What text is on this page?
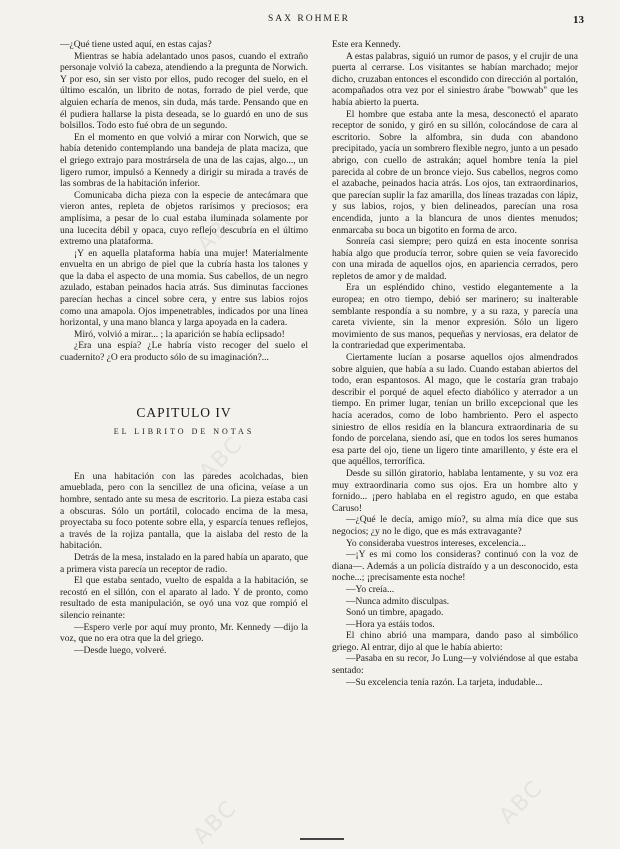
SAX ROHMER	13

—¿Qué tiene usted aquí, en estas cajas?

Mientras se había adelantado unos pasos, cuando el extraño personaje volvió la cabeza, atendiendo a la pregunta de Norwich. Y por eso, sin ser visto por ellos, pudo recoger del suelo, en el último escalón, un librito de notas, forrado de piel verde, que alguien echaría de menos, sin duda, más tarde. Pensando que en él pudiera hallarse la pista deseada, se lo guardó en uno de sus bolsillos. Todo esto fué obra de un segundo.

En el momento en que volvió a mirar con Norwich, que se había detenido contemplando una bandeja de plata maciza, que el griego extrajo para mostrársela de una de las cajas, algo..., un ligero rumor, impulsó a Kennedy a dirigir su mirada a través de las sombras de la habitación inferior.

Comunicaba dicha pieza con la especie de antecámara que vieron antes, repleta de objetos rarísimos y preciosos; era amplísima, a pesar de lo cual estaba iluminada solamente por una lucecita débil y opaca, cuyo reflejo descubría en el último extremo una plataforma.

¡Y en aquella plataforma había una mujer! Materialmente envuelta en un abrigo de piel que la cubría hasta los talones y que la daba el aspecto de una momia. Sus cabellos, de un negro azulado, estaban peinados hacia atrás. Sus diminutas facciones parecían hechas a cincel sobre cera, y entre sus labios rojos como una amapola. Ojos impenetrables, indicados por una línea horizontal, y una mano blanca y larga apoyada en la cadera.

Miró, volvió a mirar... ; la aparición se había eclipsado!

¿Era una espía? ¿Le habría visto recoger del suelo el cuadernito? ¿O era producto sólo de su imaginación?...

CAPITULO IV
EL LIBRITO DE NOTAS

En una habitación con las paredes acolchadas, bien amueblada, pero con la sencillez de una oficina, veíase a un hombre, sentado ante su mesa de escritorio. La pieza estaba casi a obscuras. Sólo un portátil, colocado encima de la mesa, proyectaba su foco potente sobre ella, y esparcía tenues reflejos, a través de la rojiza pantalla, que la aislaba del resto de la habitación.

Detrás de la mesa, instalado en la pared había un aparato, que a primera vista parecía un receptor de radio.

El que estaba sentado, vuelto de espalda a la habitación, se recostó en el sillón, con el aparato al lado. Y de pronto, como resultado de esta manipulación, se oyó una voz que rompió el silencio reinante:

—Espero verle por aquí muy pronto, Mr. Kennedy —dijo la voz, que no era otra que la del griego.

—Desde luego, volveré.

Este era Kennedy.

A estas palabras, siguió un rumor de pasos, y el crujir de una puerta al cerrarse. Los visitantes se habían marchado; mejor dicho, cruzaban entonces el escondido con dirección al portalón, acompañados otra vez por el siniestro árabe "bowwab" que les había abierto la puerta.

El hombre que estaba ante la mesa, desconectó el aparato receptor de sonido, y giró en su sillón, colocándose de cara al escritorio. Sobre la alfombra, sin duda con abandono precipitado, yacía un sombrero flexible negro, junto a un pesado abrigo, con cuello de astrakán; aquel hombre tenía la piel parecida al cobre de un bronce viejo. Sus cabellos, negros como el azabache, peinados hacia atrás. Los ojos, tan extraordinarios, que parecían suplir la faz amarilla, dos líneas trazadas con lápiz, y sus labios, rojos, y bien delineados, parecían una rosa encendida, junto a la blancura de unos dientes menudos; enmarcaba su boca un bigotito en forma de arco.

Sonreía casi siempre; pero quizá en esta inocente sonrisa había algo que producía terror, sobre quien se veía favorecido con una mirada de aquellos ojos, en apariencia cerrados, pero repletos de amor y de maldad.

Era un espléndido chino, vestido elegantemente a la europea; en otro tiempo, debió ser marinero; su inalterable semblante respondía a su nombre, y a su raza, y parecía una careta viviente, sin la menor expresión. Sólo un ligero movimiento de sus manos, pequeñas y nerviosas, era delator de la contrariedad que experimentaba.

Ciertamente lucían a posarse aquellos ojos almendrados sobre alguien, que había a su lado. Cuando estaban abiertos del todo, eran espantosos. Al mago, que le costaría gran trabajo describir el porqué de aquel efecto diabólico y aterrador a un tiempo. En primer lugar, tenían un brillo excepcional que les hacía acerados, como de lobo hambriento. Pero el aspecto siniestro de ellos residía en la blancura extraordinaria de su fondo de porcelana, siendo así, que en todos los seres humanos esa parte del ojo, tiene un ligero tinte amarillento, y éste era el que aquéllos, terrorífica.

Desde su sillón giratorio, hablaba lentamente, y su voz era muy extraordinaria como sus ojos. Era un hombre alto y fornido... ¡pero hablaba en el registro agudo, en que estaba Caruso!

—¿Qué le decía, amigo mío?, su alma mía dice que sus negocios; ¿y no le digo, que es más extravagante?

Yo consideraba vuestros intereses, excelencia...

—¡Y es mi como los consideras? continuó con la voz de diana—. Además a un policía distraído y a un desconocido, esta noche...; ¡precisamente esta noche!

—Yo creía...

—Nunca admito disculpas.

Sonó un timbre, apagado.

—Hora ya estáis todos.

El chino abrió una mampara, dando paso al simbólico griego. Al entrar, dijo al que le había abierto:

—Pasaba en su recor, Jo Lung—y volviéndose al que estaba sentado:

—Su excelencia tenía razón. La tarjeta, indudable...

ABC
ABC	ABC
ABC
